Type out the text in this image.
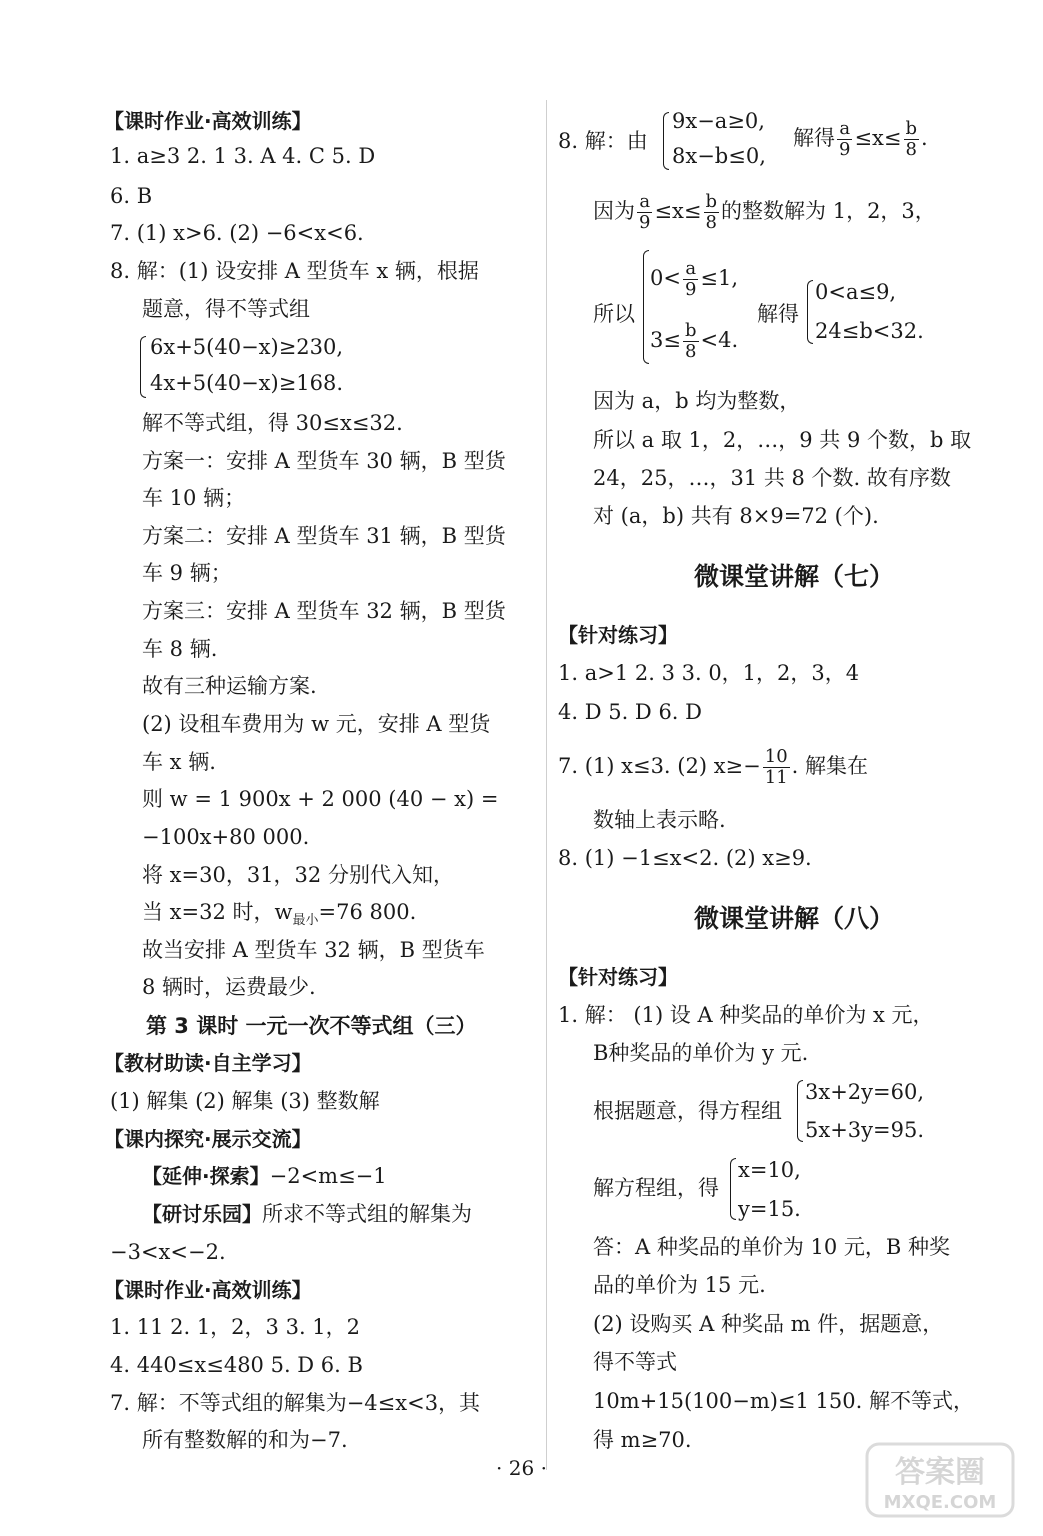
【课时作业·高效训练】
1. a≥3 2. 1 3. A 4. C 5. D
6. B
7. (1) x>6. (2) −6<x<6.
8. 解：(1) 设安排 A 型货车 x 辆，根据
题意，得不等式组
6x+5(40−x)≥230,
4x+5(40−x)≥168.
解不等式组，得 30≤x≤32.
方案一：安排 A 型货车 30 辆，B 型货
车 10 辆；
方案二：安排 A 型货车 31 辆，B 型货
车 9 辆；
方案三：安排 A 型货车 32 辆，B 型货
车 8 辆.
故有三种运输方案.
(2) 设租车费用为 w 元，安排 A 型货
车 x 辆.
则 w = 1 900x + 2 000 (40 − x) =
−100x+80 000.
将 x=30，31，32 分别代入知，
当 x=32 时，$w_{最小}=76$ 800.
故当安排 A 型货车 32 辆，B 型货车
8 辆时，运费最少.
第 3 课时 一元一次不等式组（三）
【教材助读·自主学习】
(1) 解集 (2) 解集 (3) 整数解
【课内探究·展示交流】
【延伸·探索】−2<m≤−1
【研讨乐园】所求不等式组的解集为
−3<x<−2.
【课时作业·高效训练】
1. 11 2. 1，2，3 3. 1，2
4. 440≤x≤480 5. D 6. B
7. 解：不等式组的解集为−4≤x<3，其
所有整数解的和为−7.
8. 解：由
9x−a≥0,
8x−b≤0,
解得 $\frac{a}{9} \le x\le \frac{b}{8}$ .
因为 $\frac{a}{9} \le x\le \frac{b}{8}$ 的整数解为 1，2，3，
所以
$0< \frac{a}{9} \le 1$,
$3\le \frac{b}{8} <4$.
解得
0<a≤9,
24≤b<32.
因为 a，b 均为整数，
所以 a 取 1，2，…，9 共 9 个数，b 取
24，25，…，31 共 8 个数. 故有序数
对 (a，b) 共有 8×9=72 (个).
微课堂讲解（七）
【针对练习】
1. a>1 2. 3 3. 0，1，2，3，4
4. D 5. D 6. D
7. (1) x≤3. (2) $x\ge- \frac{10}{11}$ . 解集在
数轴上表示略.
8. (1) −1≤x<2. (2) x≥9.
微课堂讲解（八）
【针对练习】
1. 解： (1) 设 A 种奖品的单价为 x 元，
B种奖品的单价为 y 元.
根据题意，得方程组
3x+2y=60,
5x+3y=95.
解方程组，得
x=10,
y=15.
答：A 种奖品的单价为 10 元，B 种奖
品的单价为 15 元.
(2) 设购买 A 种奖品 m 件，据题意，
得不等式
10m+15(100−m)≤1 150. 解不等式，
得 m≥70.
· 26 ·	答案圈
MXQE.COM
